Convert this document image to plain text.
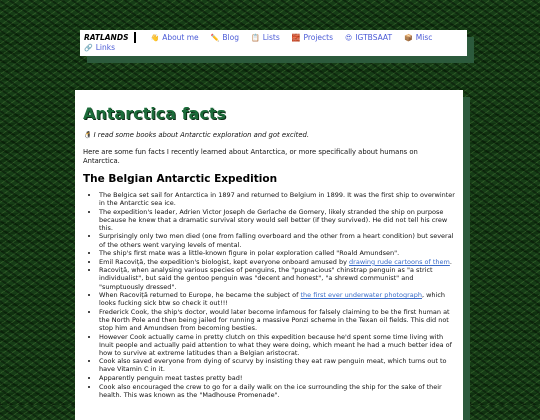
RATLANDS	👋 About me ✏️ Blog 📋 Lists 🧱 Projects 😍 IGTBSAAT 📦 Misc
🔗 Links
Antarctica facts

🐧 I read some books about Antarctic exploration and got excited.

Here are some fun facts I recently learned about Antarctica, or more specifically about humans on Antarctica.

The Belgian Antarctic Expedition
• The Belgica set sail for Antarctica in 1897 and returned to Belgium in 1899. It was the first ship to overwinter in the Antarctic sea ice.
• The expedition's leader, Adrien Victor Joseph de Gerlache de Gomery, likely stranded the ship on purpose because he knew that a dramatic survival story would sell better (if they survived). He did not tell his crew this.
• Surprisingly only two men died (one from falling overboard and the other from a heart condition) but several of the others went varying levels of mental.
• The ship's first mate was a little-known figure in polar exploration called "Roald Amundsen".
• Emil Racoviță, the expedition's biologist, kept everyone onboard amused by drawing rude cartoons of them.
• Racoviță, when analysing various species of penguins, the "pugnacious" chinstrap penguin as "a strict individualist", but said the gentoo penguin was "decent and honest", "a shrewd communist" and "sumptuously dressed".
• When Racoviță returned to Europe, he became the subject of the first ever underwater photograph, which looks fucking sick btw so check it out!!!
• Frederick Cook, the ship's doctor, would later become infamous for falsely claiming to be the first human at the North Pole and then being jailed for running a massive Ponzi scheme in the Texan oil fields. This did not stop him and Amundsen from becoming besties.
• However Cook actually came in pretty clutch on this expedition because he'd spent some time living with Inuit people and actually paid attention to what they were doing, which meant he had a much better idea of how to survive at extreme latitudes than a Belgian aristocrat.
• Cook also saved everyone from dying of scurvy by insisting they eat raw penguin meat, which turns out to have Vitamin C in it.
• Apparently penguin meat tastes pretty bad!
• Cook also encouraged the crew to go for a daily walk on the ice surrounding the ship for the sake of their health. This was known as the "Madhouse Promenade".
